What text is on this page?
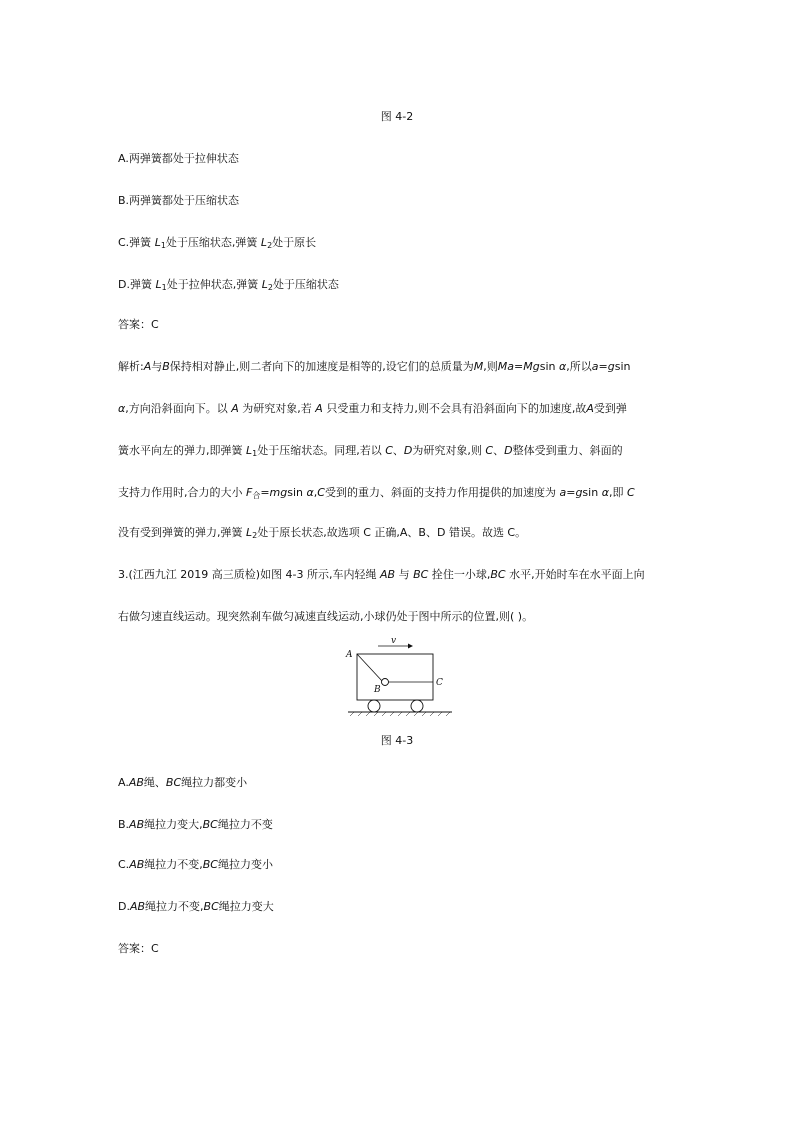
图 4-2
A.两弹簧都处于拉伸状态
B.两弹簧都处于压缩状态
C.弹簧 $L_1$处于压缩状态,弹簧 $L_2$处于原长
D.弹簧 $L_1$处于拉伸状态,弹簧 $L_2$处于压缩状态
答案：C
解析:A与B保持相对静止,则二者向下的加速度是相等的,设它们的总质量为M,则Ma=Mgsin α,所以a=gsin
α,方向沿斜面向下。以 A 为研究对象,若 A 只受重力和支持力,则不会具有沿斜面向下的加速度,故A受到弹
簧水平向左的弹力,即弹簧 $L_1$处于压缩状态。同理,若以 C、D为研究对象,则 C、D整体受到重力、斜面的
支持力作用时,合力的大小 $F_合=mgsin$ α,C受到的重力、斜面的支持力作用提供的加速度为 a=gsin α,即 C
没有受到弹簧的弹力,弹簧 $L_2$处于原长状态,故选项 C 正确,A、B、D 错误。故选 C。
3.(江西九江 2019 高三质检)如图 4-3 所示,车内轻绳 AB 与 BC 拴住一小球,BC 水平,开始时车在水平面上向
右做匀速直线运动。现突然刹车做匀减速直线运动,小球仍处于图中所示的位置,则( )。
v
A
B
C
图 4-3
A.AB绳、BC绳拉力都变小
B.AB绳拉力变大,BC绳拉力不变
C.AB绳拉力不变,BC绳拉力变小
D.AB绳拉力不变,BC绳拉力变大
答案：C
